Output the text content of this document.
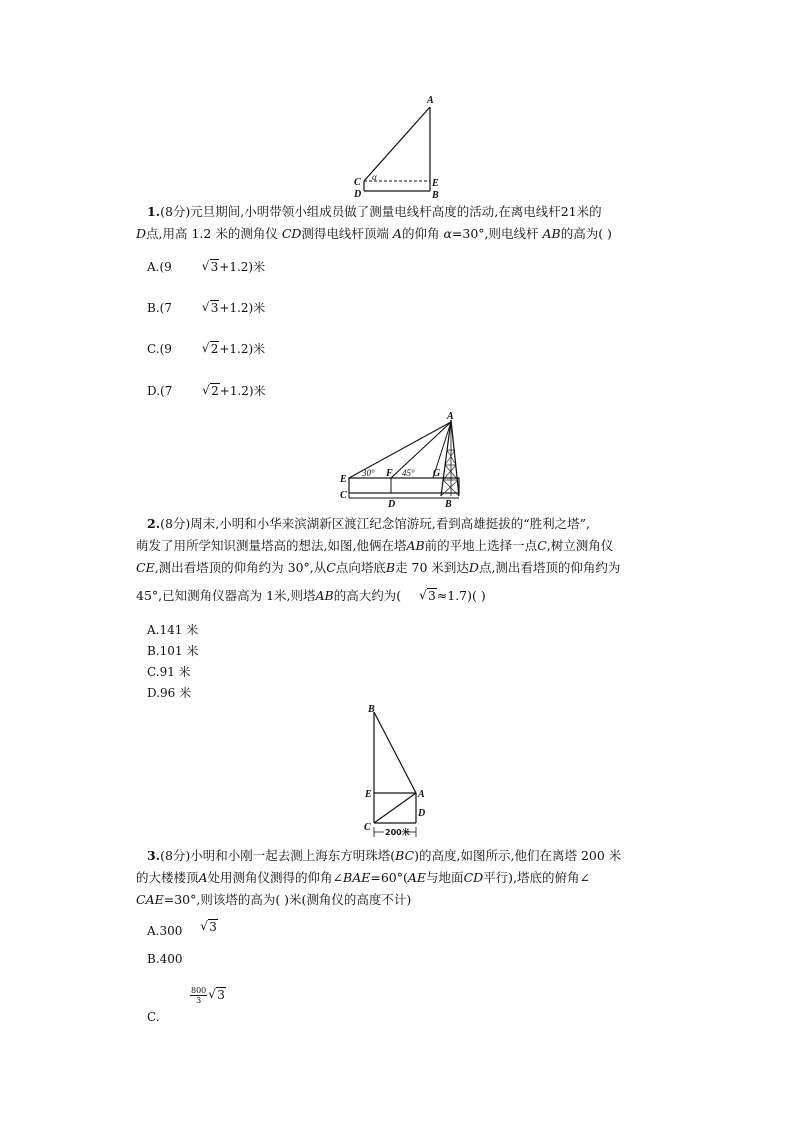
A
C
D
E
B
α
1.(8分)元旦期间,小明带领小组成员做了测量电线杆高度的活动,在离电线杆21米的
D点,用高 1.2 米的测角仪 CD测得电线杆顶端 A的仰角 α=30°,则电线杆 AB的高为( )
A.(9	√ 3+1.2)米
B.(7	√ 3+1.2)米
C.(9	√ 2+1.2)米
D.(7	√ 2+1.2)米
A
E
F	G
C
D	B
30°	45°
2.(8分)周末,小明和小华来滨湖新区渡江纪念馆游玩,看到高雄挺拔的“胜利之塔”,
萌发了用所学知识测量塔高的想法,如图,他俩在塔AB前的平地上选择一点C,树立测角仪
CE,测出看塔顶的仰角约为 30°,从C点向塔底B走 70 米到达D点,测出看塔顶的仰角约为
45°,已知测角仪器高为 1米,则塔AB的高大约为( √ 3≈1.7)( )
A.141 米
B.101 米
C.91 米
D.96 米
B
E	A
D
C 200米
3.(8分)小明和小刚一起去测上海东方明珠塔(BC)的高度,如图所示,他们在离塔 200 米
的大楼楼顶A处用测角仪测得的仰角∠BAE=60°(AE与地面CD平行),塔底的俯角∠
CAE=30°,则该塔的高为( )米(测角仪的高度不计)
A.300 √ 3
B.400
$\frac{800}{3}$ √ 3
C.
